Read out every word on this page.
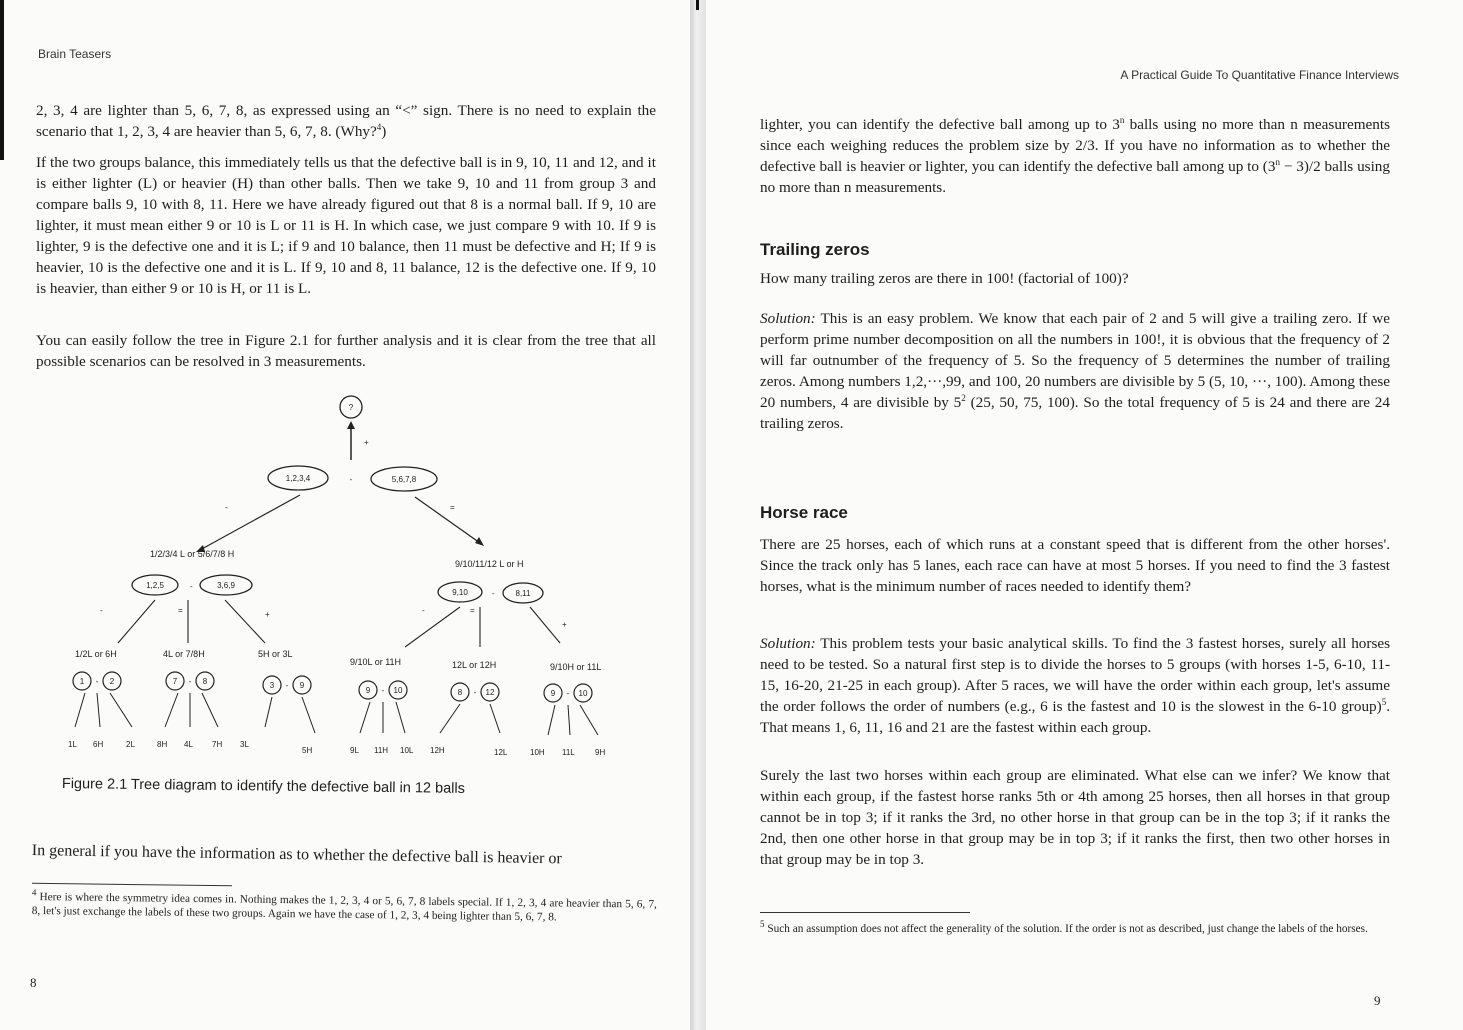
Brain Teasers

2, 3, 4 are lighter than 5, 6, 7, 8, as expressed using an “<” sign. There is no need to explain the scenario that 1, 2, 3, 4 are heavier than 5, 6, 7, 8. (Why?$^4$)

If the two groups balance, this immediately tells us that the defective ball is in 9, 10, 11 and 12, and it is either lighter (L) or heavier (H) than other balls. Then we take 9, 10 and 11 from group 3 and compare balls 9, 10 with 8, 11. Here we have already figured out that 8 is a normal ball. If 9, 10 are lighter, it must mean either 9 or 10 is L or 11 is H. In which case, we just compare 9 with 10. If 9 is lighter, 9 is the defective one and it is L; if 9 and 10 balance, then 11 must be defective and H; If 9 is heavier, 10 is the defective one and it is L. If 9, 10 and 8, 11 balance, 12 is the defective one. If 9, 10 is heavier, than either 9 or 10 is H, or 11 is L.

You can easily follow the tree in Figure 2.1 for further analysis and it is clear from the tree that all possible scenarios can be resolved in 3 measurements.

?
+
1,2,3,4	-	5,6,7,8
-	=
1/2/3/4 L or 5/6/7/8 H
9/10/11/12 L or H
1,2,5	-	3,6,9
9,10	-	8,11
-	=	+	-	=
+
1/2L or 6H	4L or 7/8H	5H or 3L
9/10L or 11H	12L or 12H	9/10H or 11L
1 - 2	7 - 8	3 - 9
9 - 10	8 - 12	9 - 10
1L 6H	2L	8H 4L 7H 3L
5H	9L 11H 10L 12H	12L	10H 11L	9H
Figure 2.1 Tree diagram to identify the defective ball in 12 balls

In general if you have the information as to whether the defective ball is heavier or

$^4$ Here is where the symmetry idea comes in. Nothing makes the 1, 2, 3, 4 or 5, 6, 7, 8 labels special. If 1, 2, 3, 4 are heavier than 5, 6, 7, 8, let's just exchange the labels of these two groups. Again we have the case of 1, 2, 3, 4 being lighter than 5, 6, 7, 8.
8
A Practical Guide To Quantitative Finance Interviews

lighter, you can identify the defective ball among up to 3$^n$ balls using no more than n measurements since each weighing reduces the problem size by 2/3. If you have no information as to whether the defective ball is heavier or lighter, you can identify the defective ball among up to $(3^n - 3)/2$ balls using no more than n measurements.

Trailing zeros

How many trailing zeros are there in 100! (factorial of 100)?

Solution: This is an easy problem. We know that each pair of 2 and 5 will give a trailing zero. If we perform prime number decomposition on all the numbers in 100!, it is obvious that the frequency of 2 will far outnumber of the frequency of 5. So the frequency of 5 determines the number of trailing zeros. Among numbers 1,2,···,99, and 100, 20 numbers are divisible by 5 (5, 10, ···, 100). Among these 20 numbers, 4 are divisible by $5^2$ (25, 50, 75, 100). So the total frequency of 5 is 24 and there are 24 trailing zeros.

Horse race

There are 25 horses, each of which runs at a constant speed that is different from the other horses'. Since the track only has 5 lanes, each race can have at most 5 horses. If you need to find the 3 fastest horses, what is the minimum number of races needed to identify them?

Solution: This problem tests your basic analytical skills. To find the 3 fastest horses, surely all horses need to be tested. So a natural first step is to divide the horses to 5 groups (with horses 1-5, 6-10, 11-15, 16-20, 21-25 in each group). After 5 races, we will have the order within each group, let's assume the order follows the order of numbers (e.g., 6 is the fastest and 10 is the slowest in the 6-10 group)$^5$. That means 1, 6, 11, 16 and 21 are the fastest within each group.

Surely the last two horses within each group are eliminated. What else can we infer? We know that within each group, if the fastest horse ranks 5th or 4th among 25 horses, then all horses in that group cannot be in top 3; if it ranks the 3rd, no other horse in that group can be in the top 3; if it ranks the 2nd, then one other horse in that group may be in top 3; if it ranks the first, then two other horses in that group may be in top 3.

$^5$ Such an assumption does not affect the generality of the solution. If the order is not as described, just change the labels of the horses.
9
